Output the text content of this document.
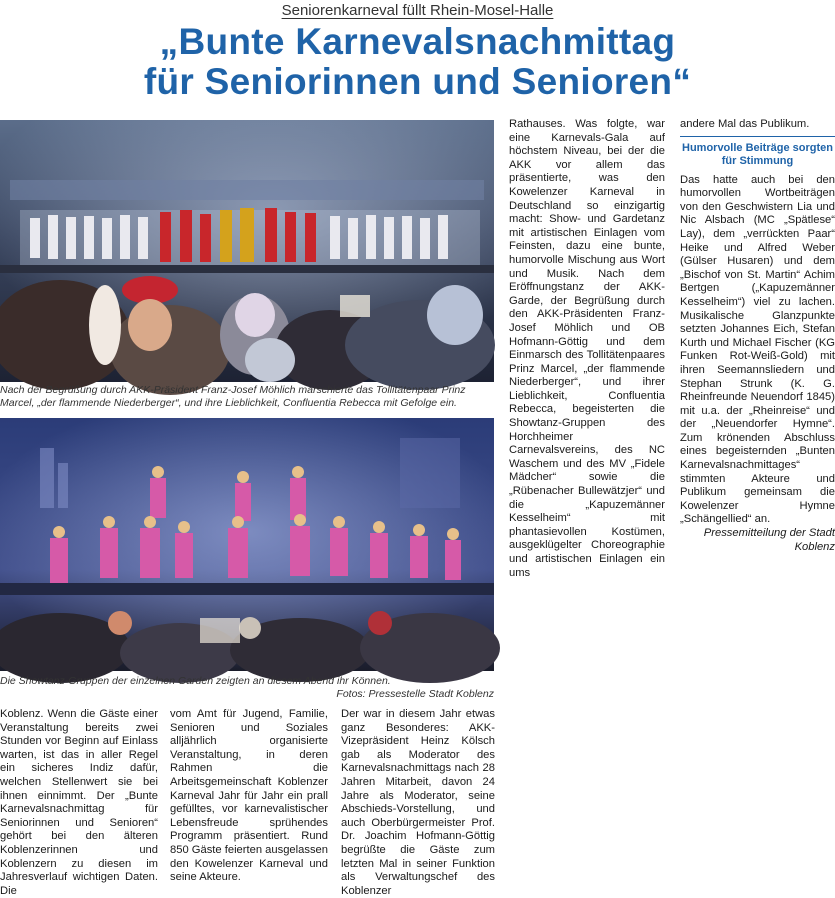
Seniorenkarneval füllt Rhein-Mosel-Halle
„Bunte Karnevalsnachmittag
für Seniorinnen und Senioren“
Nach der Begrüßung durch AKK-Präsident Franz-Josef Möhlich marschierte das Tollitätenpaar Prinz Marcel, „der flammende Niederberger“, und ihre Lieblichkeit, Confluentia Rebecca mit Gefolge ein.
Die Showtanz-Gruppen der einzelnen Garden zeigten an diesem Abend ihr Können.
Fotos: Pressestelle Stadt Koblenz

Koblenz. Wenn die Gäste einer Veranstaltung bereits zwei Stunden vor Beginn auf Einlass warten, ist das in aller Regel ein sicheres Indiz dafür, welchen Stellenwert sie bei ihnen einnimmt. Der „Bunte Karnevalsnachmittag für Seniorinnen und Senioren“ gehört bei den älteren Koblenzerinnen und Koblenzern zu diesen im Jahresverlauf wichtigen Daten. Die

vom Amt für Jugend, Familie, Senioren und Soziales alljährlich organisierte Veranstaltung, in deren Rahmen die Arbeitsgemeinschaft Koblenzer Karneval Jahr für Jahr ein prall gefülltes, vor karnevalistischer Lebensfreude sprühendes Programm präsentiert. Rund 850 Gäste feierten ausgelassen den Kowelenzer Karneval und seine Akteure.

Der war in diesem Jahr etwas ganz Besonderes: AKK-Vizepräsident Heinz Kölsch gab als Moderator des Karnevalsnachmittags nach 28 Jahren Mitarbeit, davon 24 Jahre als Moderator, seine Abschieds-Vorstellung, und auch Oberbürgermeister Prof. Dr. Joachim Hofmann-Göttig begrüßte die Gäste zum letzten Mal in seiner Funktion als Verwaltungschef des Koblenzer

Rathauses. Was folgte, war eine Karnevals-Gala auf höchstem Niveau, bei der die AKK vor allem das präsentierte, was den Kowelenzer Karneval in Deutschland so einzigartig macht: Show- und Gardetanz mit artistischen Einlagen vom Feinsten, dazu eine bunte, humorvolle Mischung aus Wort und Musik. Nach dem Eröffnungstanz der AKK-Garde, der Begrüßung durch den AKK-Präsidenten Franz-Josef Möhlich und OB Hofmann-Göttig und dem Einmarsch des Tollitätenpaares Prinz Marcel, „der flammende Niederberger“, und ihrer Lieblichkeit, Confluentia Rebecca, begeisterten die Showtanz-Gruppen des Horchheimer Carnevalsvereins, des NC Waschem und des MV „Fidele Mädcher“ sowie die „Rübenacher Bullewätzjer“ und die „Kapuzemänner Kesselheim“ mit phantasievollen Kostümen, ausgeklügelter Choreographie und artistischen Einlagen ein ums

andere Mal das Publikum.

Humorvolle Beiträge sorgten für Stimmung

Das hatte auch bei den humorvollen Wortbeiträgen von den Geschwistern Lia und Nic Alsbach (MC „Spätlese“ Lay), dem „verrückten Paar“ Heike und Alfred Weber (Gülser Husaren) und dem „Bischof von St. Martin“ Achim Bertgen („Kapuzemänner Kesselheim“) viel zu lachen. Musikalische Glanzpunkte setzten Johannes Eich, Stefan Kurth und Michael Fischer (KG Funken Rot-Weiß-Gold) mit ihren Seemannsliedern und Stephan Strunk (K. G. Rheinfreunde Neuendorf 1845) mit u.a. der „Rheinreise“ und der „Neuendorfer Hymne“. Zum krönenden Abschluss eines begeisternden „Bunten Karnevalsnachmittages“ stimmten Akteure und Publikum gemeinsam die Kowelenzer Hymne „Schängellied“ an.

Pressemitteilung der Stadt Koblenz
